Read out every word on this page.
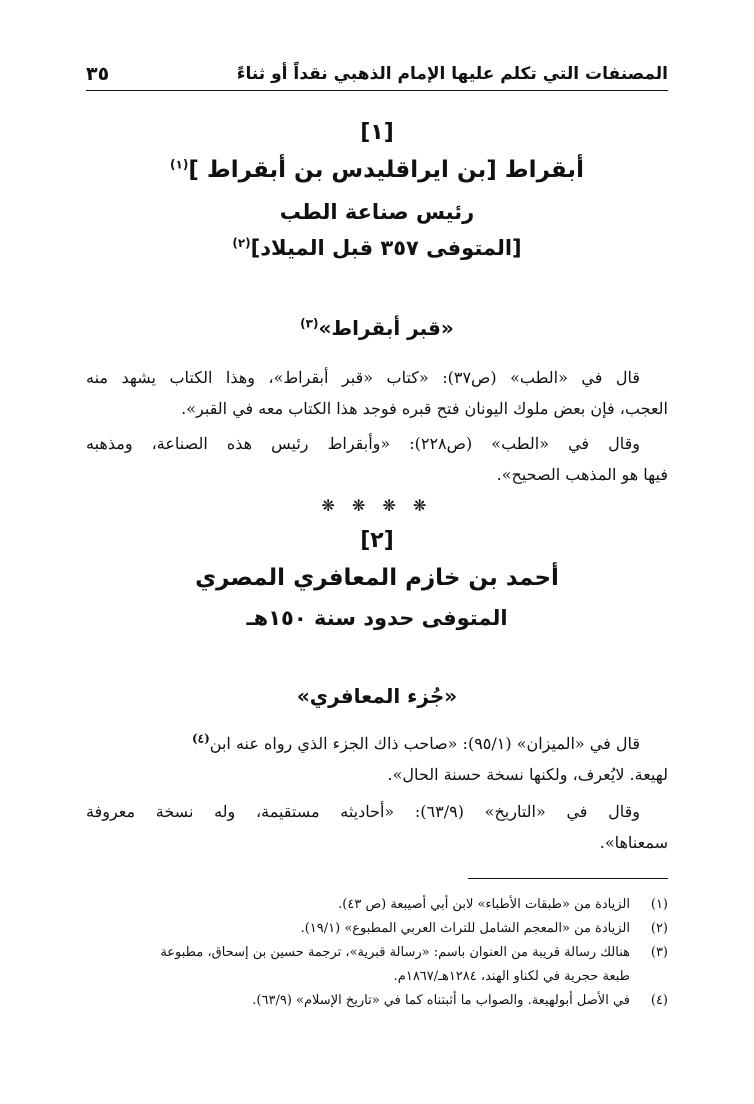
المصنفات التي تكلم عليها الإمام الذهبي نقداً أو ثناءً
٣٥
[١]
أبقراط [بن ايراقليدس بن أبقراط ]$^{(١)}$
رئيس صناعة الطب
[المتوفى ٣٥٧ قبل الميلاد]$^{(٢)}$
«قبر أبقراط»$^{(٣)}$
قال في «الطب» (ص٣٧): «كتاب «قبر أبقراط»، وهذا الكتاب يشهد منه
العجب، فإن بعض ملوك اليونان فتح قبره فوجد هذا الكتاب معه في القبر».
وقال في «الطب» (ص٢٢٨): «وأبقراط رئيس هذه الصناعة، ومذهبه
فيها هو المذهب الصحيح».
❋ ❋ ❋ ❋
[٢]
أحمد بن خازم المعافري المصري
المتوفى حدود سنة ١٥٠هـ
«جُزء المعافري»
قال في «الميزان» (٩٥/١): «صاحب ذاك الجزء الذي رواه عنه ابن$^{(٤)}$
لهيعة. لايُعرف، ولكنها نسخة حسنة الحال».
وقال في «التاريخ» (٦٣/٩): «أحاديثه مستقيمة، وله نسخة معروفة
سمعناها».
(١)
الزيادة من «طبقات الأطباء» لابن أبي أصيبعة (ص ٤٣).
(٢)
الزيادة من «المعجم الشامل للتراث العربي المطبوع» (١٩/١).
(٣)
هنالك رسالة قريبة من العنوان باسم: «رسالة قبرية»، ترجمة حسين بن إسحاق، مطبوعة
طبعة حجرية في لكناو الهند، ١٢٨٤هـ/١٨٦٧م.
(٤)
في الأصل أبولهيعة. والصواب ما أثبتناه كما في «تاريخ الإسلام» (٦٣/٩).
